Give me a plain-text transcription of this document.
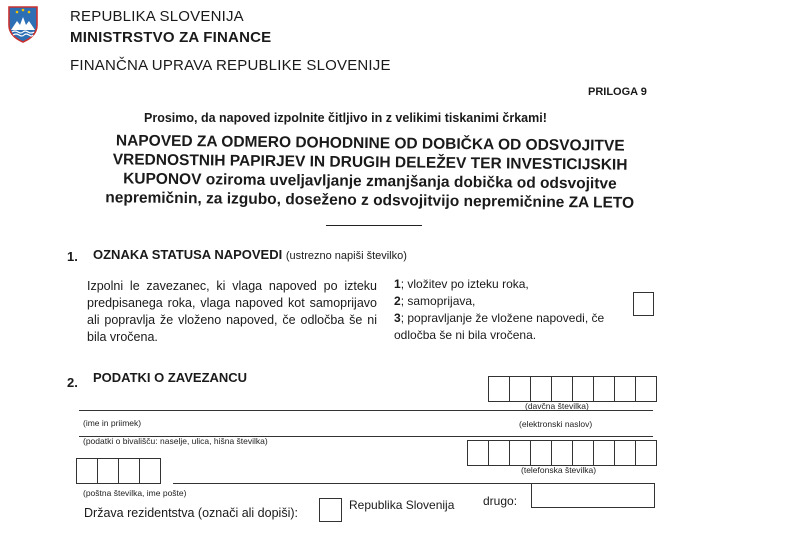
REPUBLIKA SLOVENIJA
MINISTRSTVO ZA FINANCE
FINANČNA UPRAVA REPUBLIKE SLOVENIJE
PRILOGA 9
Prosimo, da napoved izpolnite čitljivo in z velikimi tiskanimi črkami!
NAPOVED ZA ODMERO DOHODNINE OD DOBIČKA OD ODSVOJITVE
VREDNOSTNIH PAPIRJEV IN DRUGIH DELEŽEV TER INVESTICIJSKIH
KUPONOV oziroma uveljavljanje zmanjšanja dobička od odsvojitve
nepremičnin, za izgubo, doseženo z odsvojitvijo nepremičnine ZA LETO
1. OZNAKA STATUSA NAPOVEDI (ustrezno napiši številko)
Izpolni le zavezanec, ki vlaga napoved po izteku predpisanega roka, vlaga napoved kot samoprijavo ali popravlja že vloženo napoved, če odločba še ni bila vročena.
1; vložitev po izteku roka,
2; samoprijava,
3; popravljanje že vložene napovedi, če odločba še ni bila vročena.
2. PODATKI O ZAVEZANCU
(davčna številka)
(ime in priimek)	(elektronski naslov)
(podatki o bivališču: naselje, ulica, hišna številka)
(telefonska številka)
(poštna številka, ime pošte)
Država rezidentstva (označi ali dopiši):
Republika Slovenija drugo:
